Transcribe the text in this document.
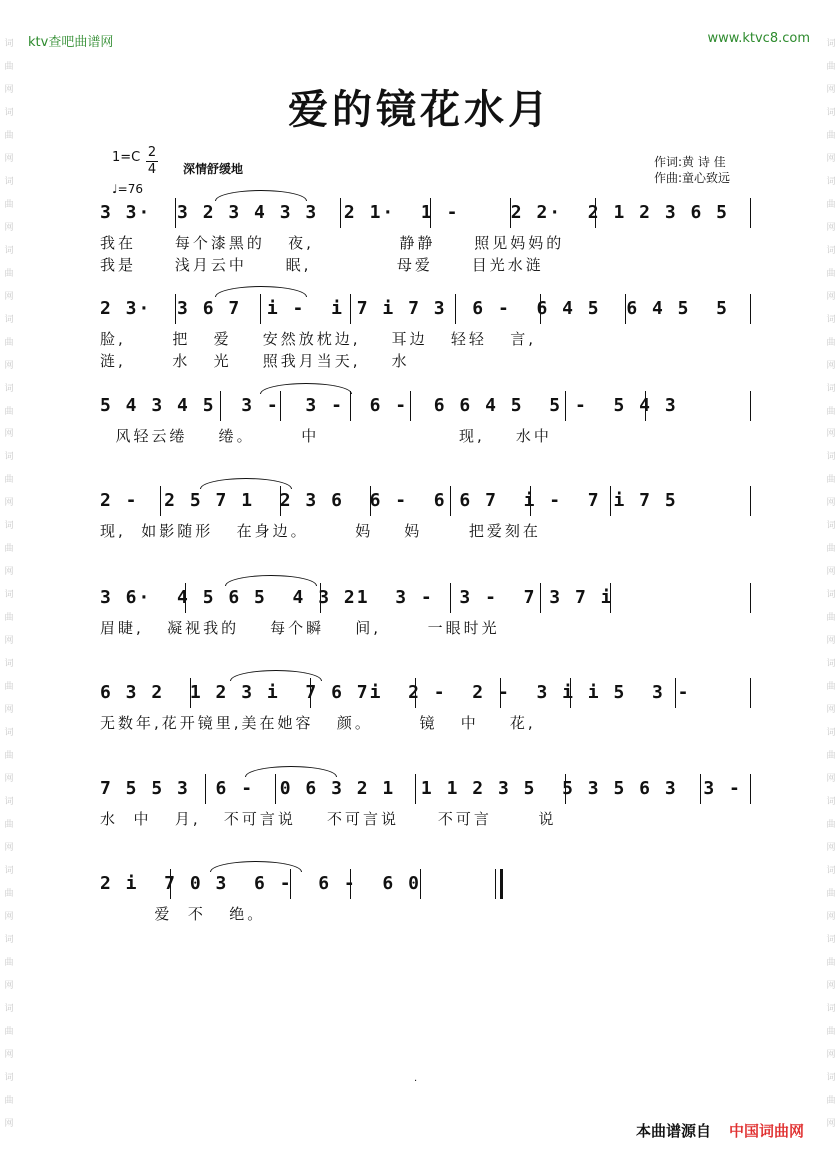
词
曲
网
词
曲
网
词
曲
网
词
曲
网
词
曲
网
词
曲
网
词
曲
网
词
曲
网
词
曲
网
词
曲
网
词
曲
网
词
曲
网
词
曲
网
词
曲
网
词
曲
网
词
曲
网
词
曲
网
词
曲
网
词
曲
网
词
曲
网
词
曲
网
词
曲
网
词
曲
网
词
曲
网
词
曲
网
词
曲
网
词
曲
网
词
曲
网
词
曲
网
词
曲
网
词
曲
网
词
曲
网
ktv查吧曲谱网	www.ktvc8.com
爱的镜花水月
$1=C \frac{2}{4}$
♩=76
深情舒缓地	作词:黄 诗 佳
作曲:童心致远
3 3·  3 2 3 4 3 3  2 1·  1 -    2 2·  2 1 2 3 6 5
我在     每个漆黑的   夜,           静静     照见妈妈的
我是     浅月云中     眠,           母爱     目光水涟
2 3·  3 6 7  i -  i 7 i 7 3  6 -  6 4 5  6 4 5  5
脸,      把   爱    安然放枕边,    耳边   轻轻   言,
涟,      水   光    照我月当天,    水
5 4 3 4 5  3 -  3 -  6 -  6 6 4 5  5 -  5 4 3
风轻云绻    绻。      中                  现,    水中
2 -  2 5 7 1  2 3 6  6 -  6 6 7  i -  7 i 7 5
现,  如影随形   在身边。      妈    妈      把爱刻在
3 6·  4 5 6 5  4 3 21  3 -  3 -  7 3 7 i
眉睫,   凝视我的    每个瞬    间,      一眼时光
6 3 2  1 2 3 i  7 6 7i  2 -  2 -  3 i i 5  3 -
无数年,花开镜里,美在她容   颜。      镜   中    花,
7 5 5 3  6 -  0 6 3 2 1  1 1 2 3 5  5 3 5 6 3  3 -
水  中   月,   不可言说    不可言说     不可言      说
2 i  7 0 3  6 -  6 -  6 0
爱  不   绝。
·
本曲谱源自 中国词曲网
